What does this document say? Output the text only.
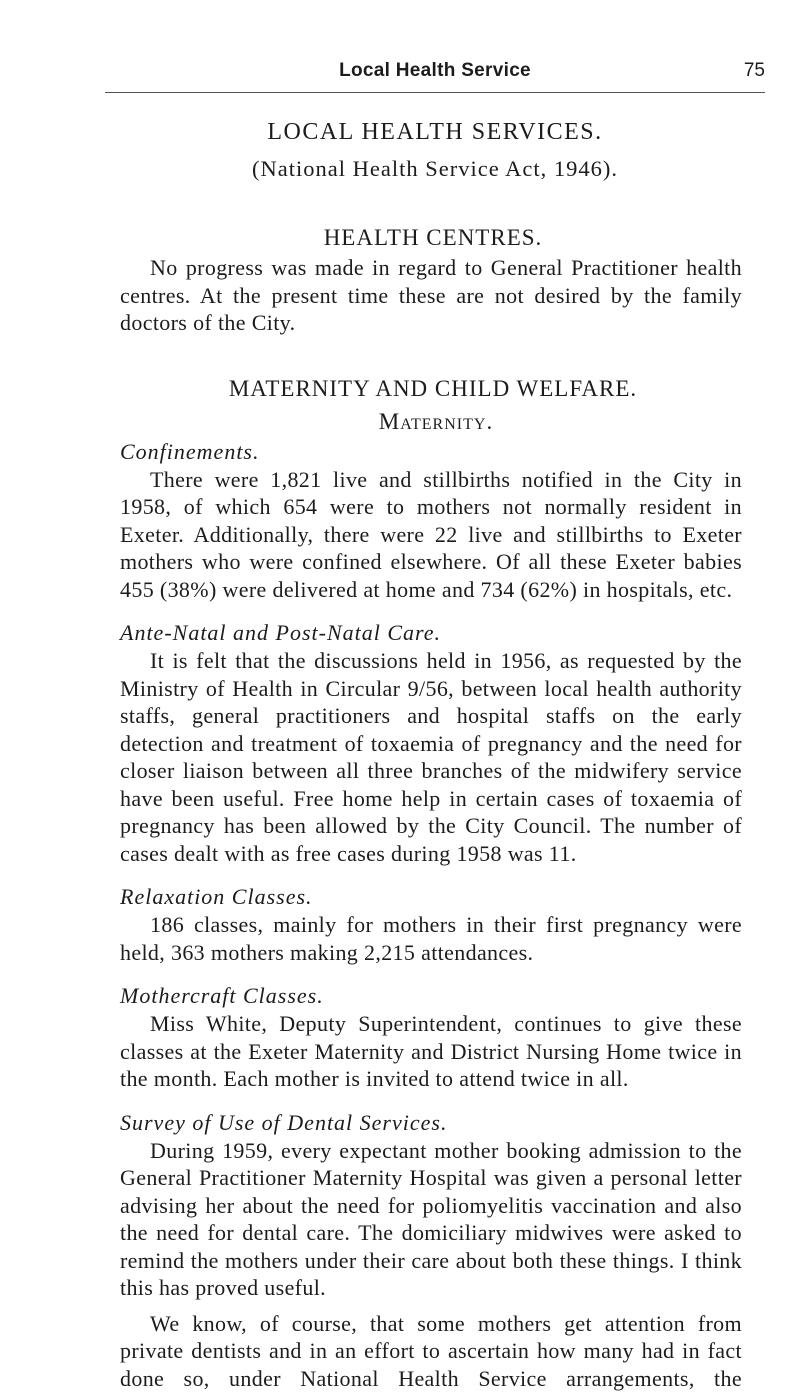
Local Health Service	75
LOCAL HEALTH SERVICES.
(National Health Service Act, 1946).
HEALTH CENTRES.

No progress was made in regard to General Practitioner health centres. At the present time these are not desired by the family doctors of the City.

MATERNITY AND CHILD WELFARE.
Maternity.
Confinements.

There were 1,821 live and stillbirths notified in the City in 1958, of which 654 were to mothers not normally resident in Exeter. Additionally, there were 22 live and stillbirths to Exeter mothers who were confined elsewhere. Of all these Exeter babies 455 (38%) were delivered at home and 734 (62%) in hospitals, etc.

Ante-Natal and Post-Natal Care.

It is felt that the discussions held in 1956, as requested by the Ministry of Health in Circular 9/56, between local health authority staffs, general practitioners and hospital staffs on the early detection and treatment of toxaemia of pregnancy and the need for closer liaison between all three branches of the midwifery service have been useful. Free home help in certain cases of toxaemia of pregnancy has been allowed by the City Council. The number of cases dealt with as free cases during 1958 was 11.

Relaxation Classes.

186 classes, mainly for mothers in their first pregnancy were held, 363 mothers making 2,215 attendances.

Mothercraft Classes.

Miss White, Deputy Superintendent, continues to give these classes at the Exeter Maternity and District Nursing Home twice in the month. Each mother is invited to attend twice in all.

Survey of Use of Dental Services.

During 1959, every expectant mother booking admission to the General Practitioner Maternity Hospital was given a personal letter advising her about the need for poliomyelitis vaccination and also the need for dental care. The domiciliary midwives were asked to remind the mothers under their care about both these things. I think this has proved useful.

We know, of course, that some mothers get attention from private dentists and in an effort to ascertain how many had in fact done so, under National Health Service arrangements, the
